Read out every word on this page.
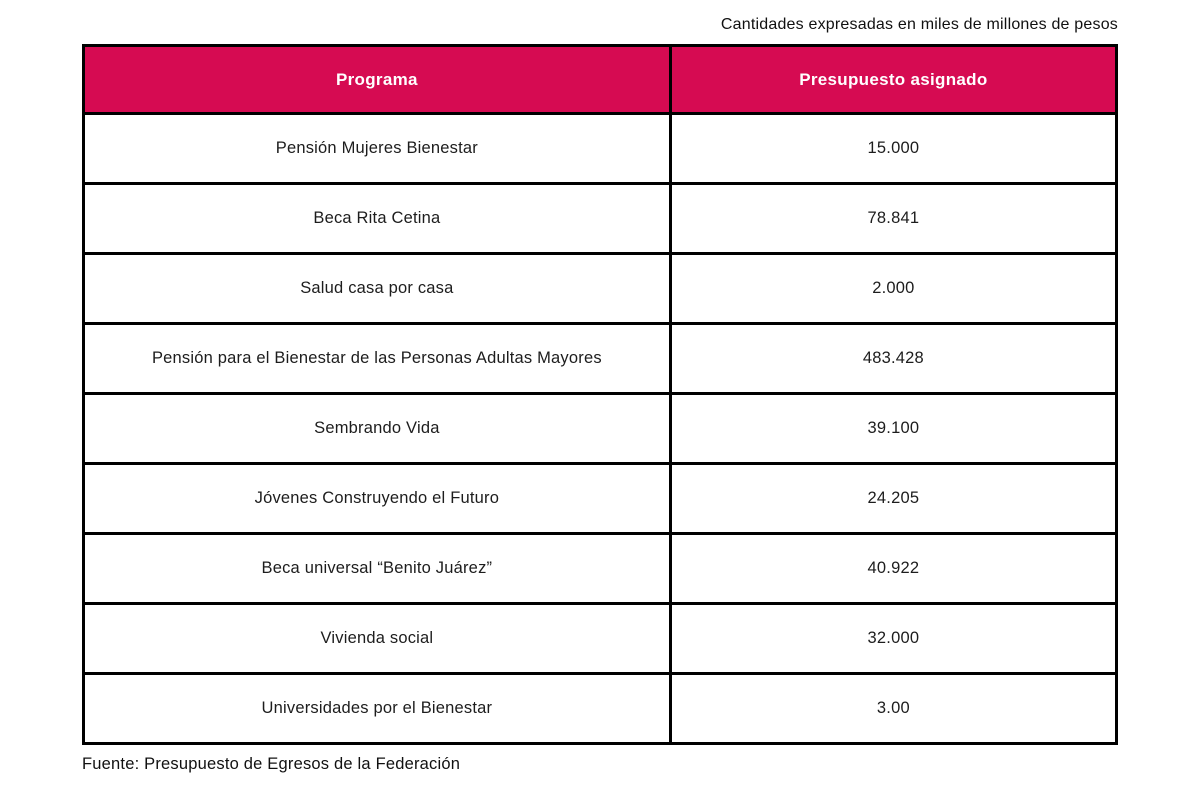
Cantidades expresadas en miles de millones de pesos
Programa	Presupuesto asignado
Pensión Mujeres Bienestar	15.000
Beca Rita Cetina	78.841
Salud casa por casa	2.000
Pensión para el Bienestar de las Personas Adultas Mayores	483.428
Sembrando Vida	39.100
Jóvenes Construyendo el Futuro	24.205
Beca universal “Benito Juárez”	40.922
Vivienda social	32.000
Universidades por el Bienestar	3.00
Fuente: Presupuesto de Egresos de la Federación
